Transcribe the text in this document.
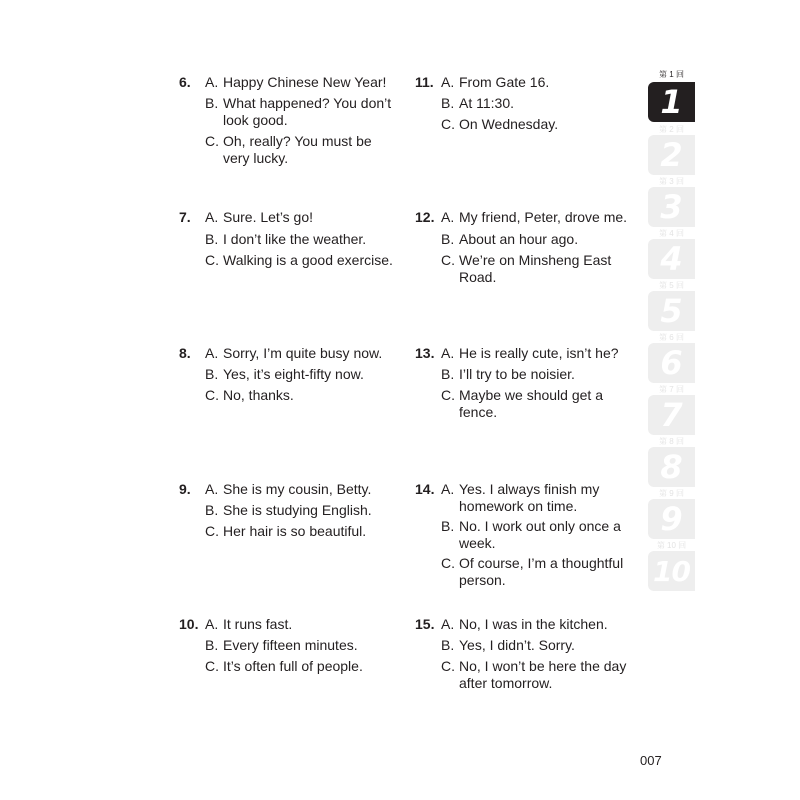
6. A. Happy Chinese New Year!
B. What happened? You don’t look good.
C. Oh, really? You must be very lucky.
7. A. Sure. Let’s go!
B. I don’t like the weather.
C. Walking is a good exercise.
8. A. Sorry, I’m quite busy now.
B. Yes, it’s eight-fifty now.
C. No, thanks.
9. A. She is my cousin, Betty.
B. She is studying English.
C. Her hair is so beautiful.
10. A. It runs fast.
B. Every fifteen minutes.
C. It’s often full of people.
11. A. From Gate 16.
B. At 11:30.
C. On Wednesday.
12. A. My friend, Peter, drove me.
B. About an hour ago.
C. We’re on Minsheng East Road.
13. A. He is really cute, isn’t he?
B. I’ll try to be noisier.
C. Maybe we should get a fence.
14. A. Yes. I always finish my homework on time.
B. No. I work out only once a week.
C. Of course, I’m a thoughtful person.
15. A. No, I was in the kitchen.
B. Yes, I didn’t. Sorry.
C. No, I won’t be here the day after tomorrow.
第 1 回
1
第 2 回
2
第 3 回
3
第 4 回
4
第 5 回
5
第 6 回
6
第 7 回
7
第 8 回
8
第 9 回
9
第 10 回
10
007
